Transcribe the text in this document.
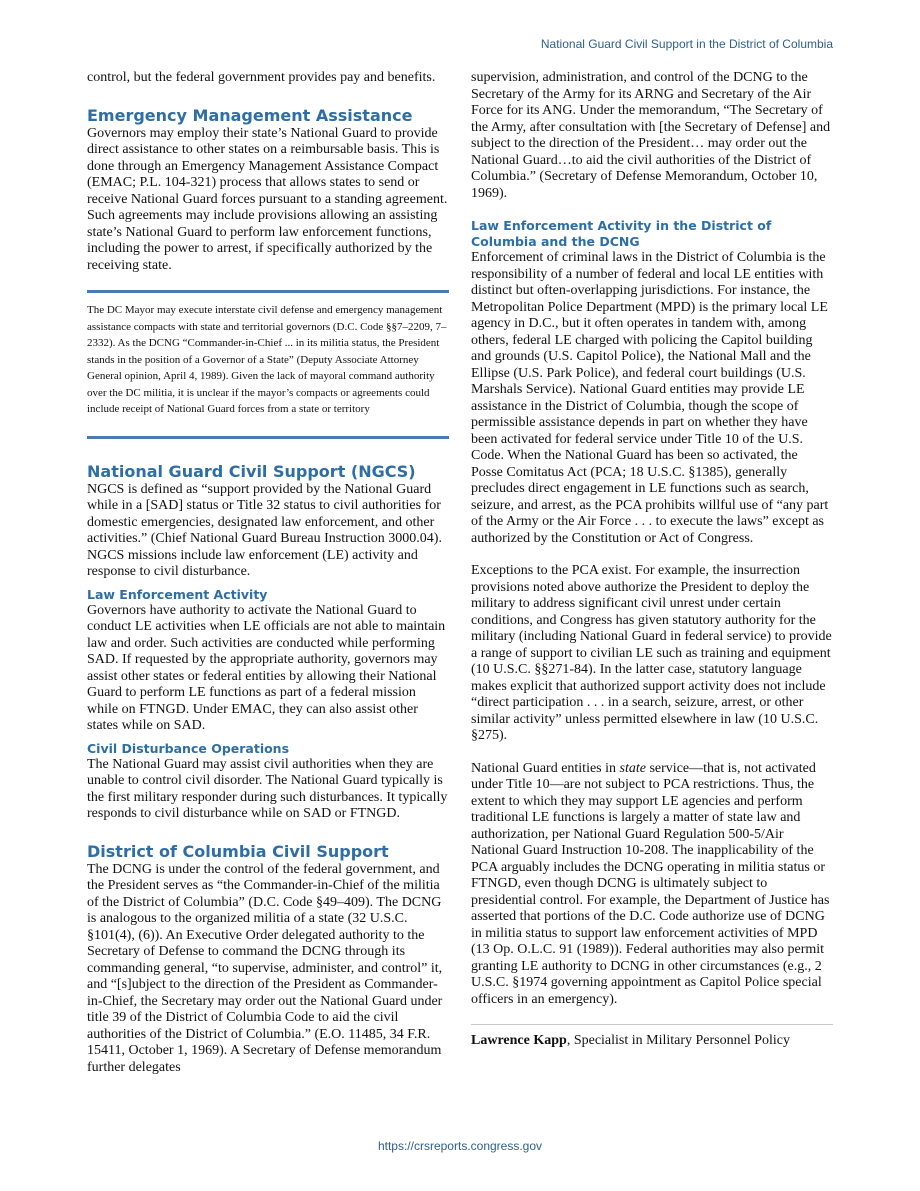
National Guard Civil Support in the District of Columbia

control, but the federal government provides pay and benefits.

Emergency Management Assistance

Governors may employ their state’s National Guard to provide direct assistance to other states on a reimbursable basis. This is done through an Emergency Management Assistance Compact (EMAC; P.L. 104-321) process that allows states to send or receive National Guard forces pursuant to a standing agreement. Such agreements may include provisions allowing an assisting state’s National Guard to perform law enforcement functions, including the power to arrest, if specifically authorized by the receiving state.

The DC Mayor may execute interstate civil defense and emergency management assistance compacts with state and territorial governors (D.C. Code §§7–2209, 7–2332). As the DCNG “Commander-in-Chief ... in its militia status, the President stands in the position of a Governor of a State” (Deputy Associate Attorney General opinion, April 4, 1989). Given the lack of mayoral command authority over the DC militia, it is unclear if the mayor’s compacts or agreements could include receipt of National Guard forces from a state or territory

National Guard Civil Support (NGCS)

NGCS is defined as “support provided by the National Guard while in a [SAD] status or Title 32 status to civil authorities for domestic emergencies, designated law enforcement, and other activities.” (Chief National Guard Bureau Instruction 3000.04). NGCS missions include law enforcement (LE) activity and response to civil disturbance.

Law Enforcement Activity

Governors have authority to activate the National Guard to conduct LE activities when LE officials are not able to maintain law and order. Such activities are conducted while performing SAD. If requested by the appropriate authority, governors may assist other states or federal entities by allowing their National Guard to perform LE functions as part of a federal mission while on FTNGD. Under EMAC, they can also assist other states while on SAD.

Civil Disturbance Operations

The National Guard may assist civil authorities when they are unable to control civil disorder. The National Guard typically is the first military responder during such disturbances. It typically responds to civil disturbance while on SAD or FTNGD.

District of Columbia Civil Support

The DCNG is under the control of the federal government, and the President serves as “the Commander-in-Chief of the militia of the District of Columbia” (D.C. Code §49–409). The DCNG is analogous to the organized militia of a state (32 U.S.C. §101(4), (6)). An Executive Order delegated authority to the Secretary of Defense to command the DCNG through its commanding general, “to supervise, administer, and control” it, and “[s]ubject to the direction of the President as Commander-in-Chief, the Secretary may order out the National Guard under title 39 of the District of Columbia Code to aid the civil authorities of the District of Columbia.” (E.O. 11485, 34 F.R. 15411, October 1, 1969). A Secretary of Defense memorandum further delegates

supervision, administration, and control of the DCNG to the Secretary of the Army for its ARNG and Secretary of the Air Force for its ANG. Under the memorandum, “The Secretary of the Army, after consultation with [the Secretary of Defense] and subject to the direction of the President… may order out the National Guard…to aid the civil authorities of the District of Columbia.” (Secretary of Defense Memorandum, October 10, 1969).

Law Enforcement Activity in the District of Columbia and the DCNG

Enforcement of criminal laws in the District of Columbia is the responsibility of a number of federal and local LE entities with distinct but often-overlapping jurisdictions. For instance, the Metropolitan Police Department (MPD) is the primary local LE agency in D.C., but it often operates in tandem with, among others, federal LE charged with policing the Capitol building and grounds (U.S. Capitol Police), the National Mall and the Ellipse (U.S. Park Police), and federal court buildings (U.S. Marshals Service). National Guard entities may provide LE assistance in the District of Columbia, though the scope of permissible assistance depends in part on whether they have been activated for federal service under Title 10 of the U.S. Code. When the National Guard has been so activated, the Posse Comitatus Act (PCA; 18 U.S.C. §1385), generally precludes direct engagement in LE functions such as search, seizure, and arrest, as the PCA prohibits willful use of “any part of the Army or the Air Force . . . to execute the laws” except as authorized by the Constitution or Act of Congress.

Exceptions to the PCA exist. For example, the insurrection provisions noted above authorize the President to deploy the military to address significant civil unrest under certain conditions, and Congress has given statutory authority for the military (including National Guard in federal service) to provide a range of support to civilian LE such as training and equipment (10 U.S.C. §§271-84). In the latter case, statutory language makes explicit that authorized support activity does not include “direct participation . . . in a search, seizure, arrest, or other similar activity” unless permitted elsewhere in law (10 U.S.C. §275).

National Guard entities in state service—that is, not activated under Title 10—are not subject to PCA restrictions. Thus, the extent to which they may support LE agencies and perform traditional LE functions is largely a matter of state law and authorization, per National Guard Regulation 500-5/Air National Guard Instruction 10-208. The inapplicability of the PCA arguably includes the DCNG operating in militia status or FTNGD, even though DCNG is ultimately subject to presidential control. For example, the Department of Justice has asserted that portions of the D.C. Code authorize use of DCNG in militia status to support law enforcement activities of MPD (13 Op. O.L.C. 91 (1989)). Federal authorities may also permit granting LE authority to DCNG in other circumstances (e.g., 2 U.S.C. §1974 governing appointment as Capitol Police special officers in an emergency).

Lawrence Kapp, Specialist in Military Personnel Policy
https://crsreports.congress.gov
